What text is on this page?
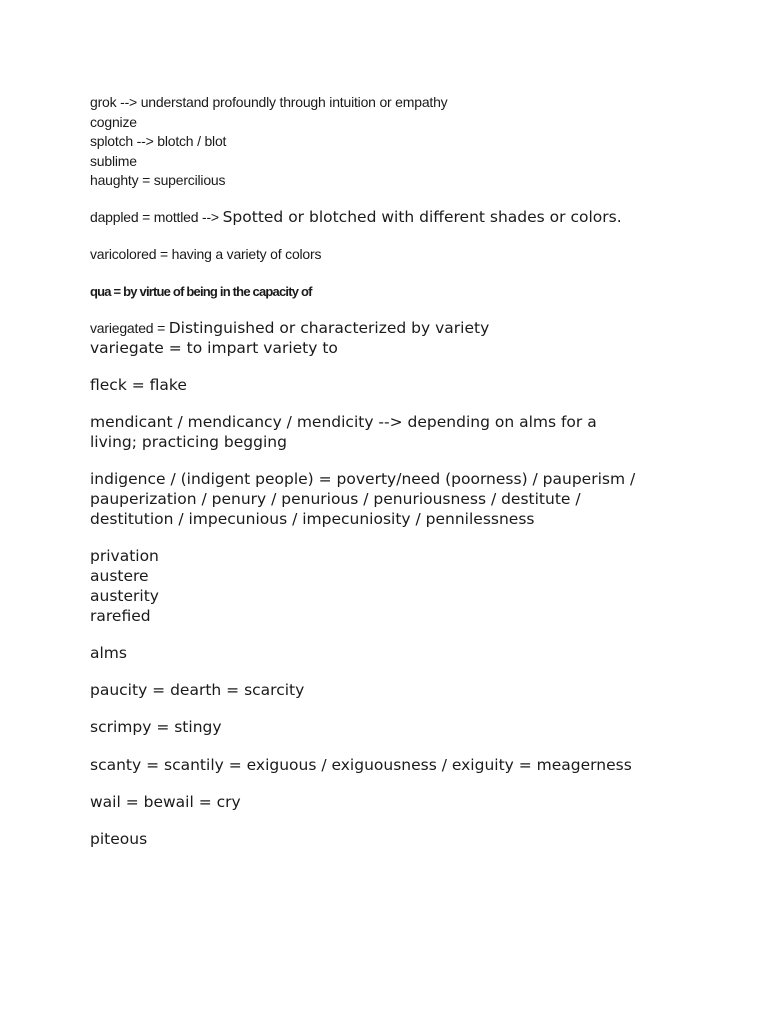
grok --> understand profoundly through intuition or empathy
cognize
splotch --> blotch / blot
sublime
haughty = supercilious
dappled = mottled --> Spotted or blotched with different shades or colors.
varicolored = having a variety of colors
qua = by virtue of being in the capacity of
variegated = Distinguished or characterized by variety
variegate = to impart variety to
fleck = flake
mendicant / mendicancy / mendicity --> depending on alms for a
living; practicing begging
indigence / (indigent people) = poverty/need (poorness) / pauperism /
pauperization / penury / penurious / penuriousness / destitute /
destitution / impecunious / impecuniosity / pennilessness
privation
austere
austerity
rarefied
alms
paucity = dearth = scarcity
scrimpy = stingy
scanty = scantily = exiguous / exiguousness / exiguity = meagerness
wail = bewail = cry
piteous
